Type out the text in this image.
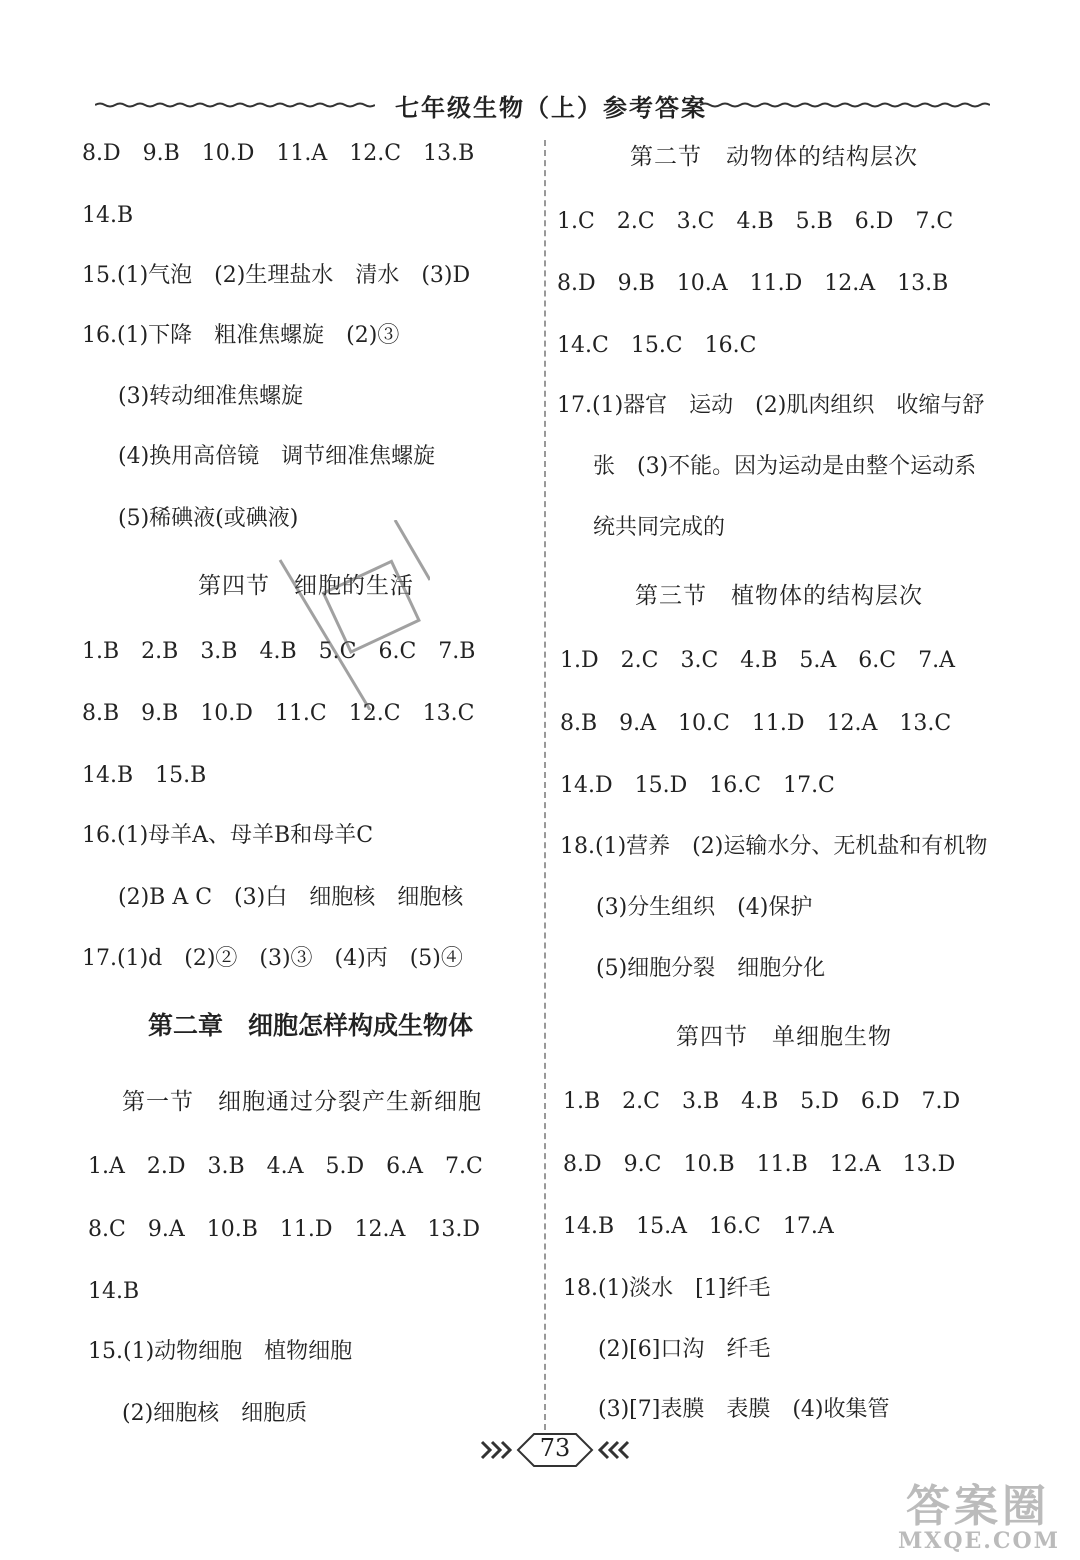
七年级生物（上）参考答案
8.D　9.B　10.D　11.A　12.C　13.B
14.B
15.(1)气泡　(2)生理盐水　清水　(3)D
16.(1)下降　粗准焦螺旋　(2)③
(3)转动细准焦螺旋
(4)换用高倍镜　调节细准焦螺旋
(5)稀碘液(或碘液)
第四节　细胞的生活
1.B　2.B　3.B　4.B　5.C　6.C　7.B
8.B　9.B　10.D　11.C　12.C　13.C
14.B　15.B
16.(1)母羊A、母羊B和母羊C
(2)B A C　(3)白　细胞核　细胞核
17.(1)d　(2)②　(3)③　(4)丙　(5)④
第二章　细胞怎样构成生物体
第一节　细胞通过分裂产生新细胞
1.A　2.D　3.B　4.A　5.D　6.A　7.C
8.C　9.A　10.B　11.D　12.A　13.D
14.B
15.(1)动物细胞　植物细胞
(2)细胞核　细胞质
第二节　动物体的结构层次
1.C　2.C　3.C　4.B　5.B　6.D　7.C
8.D　9.B　10.A　11.D　12.A　13.B
14.C　15.C　16.C
17.(1)器官　运动　(2)肌肉组织　收缩与舒
张　(3)不能。因为运动是由整个运动系
统共同完成的
第三节　植物体的结构层次
1.D　2.C　3.C　4.B　5.A　6.C　7.A
8.B　9.A　10.C　11.D　12.A　13.C
14.D　15.D　16.C　17.C
18.(1)营养　(2)运输水分、无机盐和有机物
(3)分生组织　(4)保护
(5)细胞分裂　细胞分化
第四节　单细胞生物
1.B　2.C　3.B　4.B　5.D　6.D　7.D
8.D　9.C　10.B　11.B　12.A　13.D
14.B　15.A　16.C　17.A
18.(1)淡水　[1]纤毛
(2)[6]口沟　纤毛
(3)[7]表膜　表膜　(4)收集管
73
答案圈
MXQE.COM
